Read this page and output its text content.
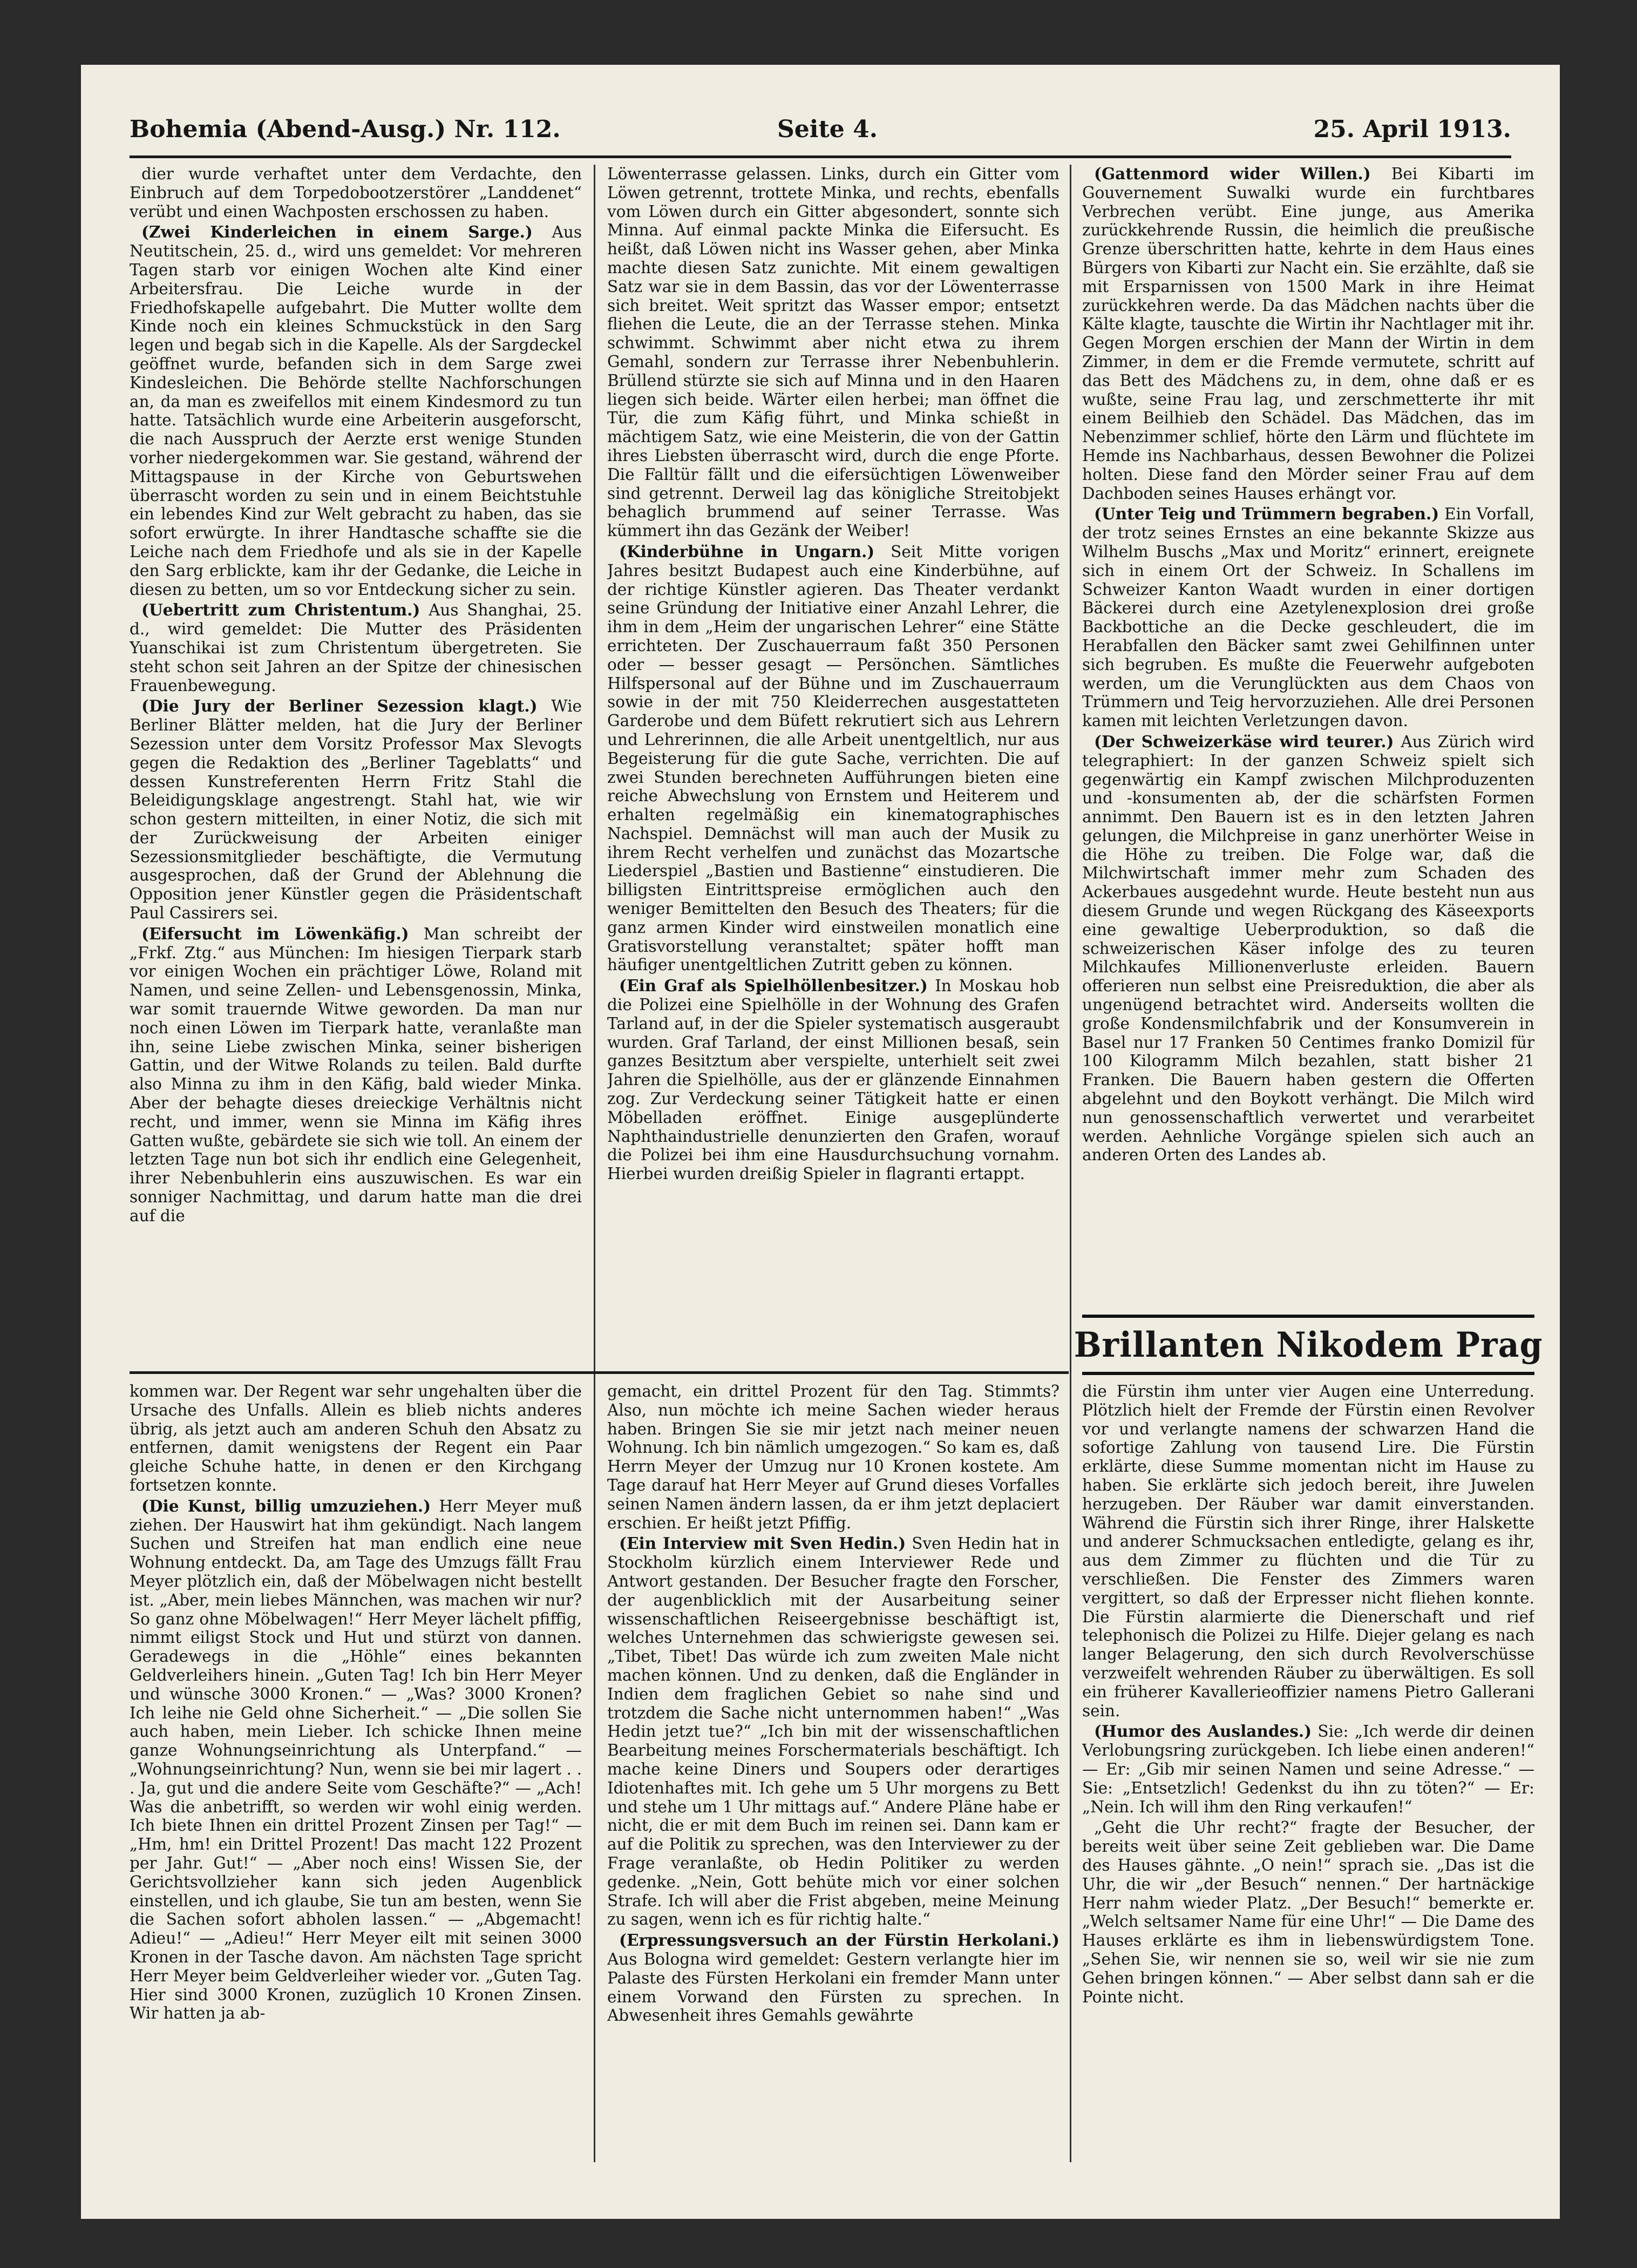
Bohemia (Abend-Ausg.) Nr. 112.	Seite 4.	25. April 1913.

dier wurde verhaftet unter dem Verdachte, den Einbruch auf dem Torpedobootzerstörer „Landdenet“ verübt und einen Wachposten erschossen zu haben.

(Zwei Kinderleichen in einem Sarge.) Aus Neutitschein, 25. d., wird uns gemeldet: Vor mehreren Tagen starb vor einigen Wochen alte Kind einer Arbeitersfrau. Die Leiche wurde in der Friedhofskapelle aufgebahrt. Die Mutter wollte dem Kinde noch ein kleines Schmuckstück in den Sarg legen und begab sich in die Kapelle. Als der Sargdeckel geöffnet wurde, befanden sich in dem Sarge zwei Kindesleichen. Die Behörde stellte Nachforschungen an, da man es zweifellos mit einem Kindesmord zu tun hatte. Tatsächlich wurde eine Arbeiterin ausgeforscht, die nach Ausspruch der Aerzte erst wenige Stunden vorher niedergekommen war. Sie gestand, während der Mittagspause in der Kirche von Geburtswehen überrascht worden zu sein und in einem Beichtstuhle ein lebendes Kind zur Welt gebracht zu haben, das sie sofort erwürgte. In ihrer Handtasche schaffte sie die Leiche nach dem Friedhofe und als sie in der Kapelle den Sarg erblickte, kam ihr der Gedanke, die Leiche in diesen zu betten, um so vor Entdeckung sicher zu sein.

(Uebertritt zum Christentum.) Aus Shanghai, 25. d., wird gemeldet: Die Mutter des Präsidenten Yuanschikai ist zum Christentum übergetreten. Sie steht schon seit Jahren an der Spitze der chinesischen Frauenbewegung.

(Die Jury der Berliner Sezession klagt.) Wie Berliner Blätter melden, hat die Jury der Berliner Sezession unter dem Vorsitz Professor Max Slevogts gegen die Redaktion des „Berliner Tageblatts“ und dessen Kunstreferenten Herrn Fritz Stahl die Beleidigungsklage angestrengt. Stahl hat, wie wir schon gestern mitteilten, in einer Notiz, die sich mit der Zurückweisung der Arbeiten einiger Sezessionsmitglieder beschäftigte, die Vermutung ausgesprochen, daß der Grund der Ablehnung die Opposition jener Künstler gegen die Präsidentschaft Paul Cassirers sei.

(Eifersucht im Löwenkäfig.) Man schreibt der „Frkf. Ztg.“ aus München: Im hiesigen Tierpark starb vor einigen Wochen ein prächtiger Löwe, Roland mit Namen, und seine Zellen- und Lebensgenossin, Minka, war somit trauernde Witwe geworden. Da man nur noch einen Löwen im Tierpark hatte, veranlaßte man ihn, seine Liebe zwischen Minka, seiner bisherigen Gattin, und der Witwe Rolands zu teilen. Bald durfte also Minna zu ihm in den Käfig, bald wieder Minka. Aber der behagte dieses dreieckige Verhältnis nicht recht, und immer, wenn sie Minna im Käfig ihres Gatten wußte, gebärdete sie sich wie toll. An einem der letzten Tage nun bot sich ihr endlich eine Gelegenheit, ihrer Nebenbuhlerin eins auszuwischen. Es war ein sonniger Nachmittag, und darum hatte man die drei auf die

Löwenterrasse gelassen. Links, durch ein Gitter vom Löwen getrennt, trottete Minka, und rechts, ebenfalls vom Löwen durch ein Gitter abgesondert, sonnte sich Minna. Auf einmal packte Minka die Eifersucht. Es heißt, daß Löwen nicht ins Wasser gehen, aber Minka machte diesen Satz zunichte. Mit einem gewaltigen Satz war sie in dem Bassin, das vor der Löwenterrasse sich breitet. Weit spritzt das Wasser empor; entsetzt fliehen die Leute, die an der Terrasse stehen. Minka schwimmt. Schwimmt aber nicht etwa zu ihrem Gemahl, sondern zur Terrasse ihrer Nebenbuhlerin. Brüllend stürzte sie sich auf Minna und in den Haaren liegen sich beide. Wärter eilen herbei; man öffnet die Tür, die zum Käfig führt, und Minka schießt in mächtigem Satz, wie eine Meisterin, die von der Gattin ihres Liebsten überrascht wird, durch die enge Pforte. Die Falltür fällt und die eifersüchtigen Löwenweiber sind getrennt. Derweil lag das königliche Streitobjekt behaglich brummend auf seiner Terrasse. Was kümmert ihn das Gezänk der Weiber!

(Kinderbühne in Ungarn.) Seit Mitte vorigen Jahres besitzt Budapest auch eine Kinderbühne, auf der richtige Künstler agieren. Das Theater verdankt seine Gründung der Initiative einer Anzahl Lehrer, die ihm in dem „Heim der ungarischen Lehrer“ eine Stätte errichteten. Der Zuschauerraum faßt 350 Personen oder — besser gesagt — Persönchen. Sämtliches Hilfspersonal auf der Bühne und im Zuschauerraum sowie in der mit 750 Kleiderrechen ausgestatteten Garderobe und dem Büfett rekrutiert sich aus Lehrern und Lehrerinnen, die alle Arbeit unentgeltlich, nur aus Begeisterung für die gute Sache, verrichten. Die auf zwei Stunden berechneten Aufführungen bieten eine reiche Abwechslung von Ernstem und Heiterem und erhalten regelmäßig ein kinematographisches Nachspiel. Demnächst will man auch der Musik zu ihrem Recht verhelfen und zunächst das Mozartsche Liederspiel „Bastien und Bastienne“ einstudieren. Die billigsten Eintrittspreise ermöglichen auch den weniger Bemittelten den Besuch des Theaters; für die ganz armen Kinder wird einstweilen monatlich eine Gratisvorstellung veranstaltet; später hofft man häufiger unentgeltlichen Zutritt geben zu können.

(Ein Graf als Spielhöllenbesitzer.) In Moskau hob die Polizei eine Spielhölle in der Wohnung des Grafen Tarland auf, in der die Spieler systematisch ausgeraubt wurden. Graf Tarland, der einst Millionen besaß, sein ganzes Besitztum aber verspielte, unterhielt seit zwei Jahren die Spielhölle, aus der er glänzende Einnahmen zog. Zur Verdeckung seiner Tätigkeit hatte er einen Möbelladen eröffnet. Einige ausgeplünderte Naphthaindustrielle denunzierten den Grafen, worauf die Polizei bei ihm eine Hausdurchsuchung vornahm. Hierbei wurden dreißig Spieler in flagranti ertappt.

(Gattenmord wider Willen.) Bei Kibarti im Gouvernement Suwalki wurde ein furchtbares Verbrechen verübt. Eine junge, aus Amerika zurückkehrende Russin, die heimlich die preußische Grenze überschritten hatte, kehrte in dem Haus eines Bürgers von Kibarti zur Nacht ein. Sie erzählte, daß sie mit Ersparnissen von 1500 Mark in ihre Heimat zurückkehren werde. Da das Mädchen nachts über die Kälte klagte, tauschte die Wirtin ihr Nachtlager mit ihr. Gegen Morgen erschien der Mann der Wirtin in dem Zimmer, in dem er die Fremde vermutete, schritt auf das Bett des Mädchens zu, in dem, ohne daß er es wußte, seine Frau lag, und zerschmetterte ihr mit einem Beilhieb den Schädel. Das Mädchen, das im Nebenzimmer schlief, hörte den Lärm und flüchtete im Hemde ins Nachbarhaus, dessen Bewohner die Polizei holten. Diese fand den Mörder seiner Frau auf dem Dachboden seines Hauses erhängt vor.

(Unter Teig und Trümmern begraben.) Ein Vorfall, der trotz seines Ernstes an eine bekannte Skizze aus Wilhelm Buschs „Max und Moritz“ erinnert, ereignete sich in einem Ort der Schweiz. In Schallens im Schweizer Kanton Waadt wurden in einer dortigen Bäckerei durch eine Azetylenexplosion drei große Backbottiche an die Decke geschleudert, die im Herabfallen den Bäcker samt zwei Gehilfinnen unter sich begruben. Es mußte die Feuerwehr aufgeboten werden, um die Verunglückten aus dem Chaos von Trümmern und Teig hervorzuziehen. Alle drei Personen kamen mit leichten Verletzungen davon.

(Der Schweizerkäse wird teurer.) Aus Zürich wird telegraphiert: In der ganzen Schweiz spielt sich gegenwärtig ein Kampf zwischen Milchproduzenten und -konsumenten ab, der die schärfsten Formen annimmt. Den Bauern ist es in den letzten Jahren gelungen, die Milchpreise in ganz unerhörter Weise in die Höhe zu treiben. Die Folge war, daß die Milchwirtschaft immer mehr zum Schaden des Ackerbaues ausgedehnt wurde. Heute besteht nun aus diesem Grunde und wegen Rückgang des Käseexports eine gewaltige Ueberproduktion, so daß die schweizerischen Käser infolge des zu teuren Milchkaufes Millionenverluste erleiden. Bauern offerieren nun selbst eine Preisreduktion, die aber als ungenügend betrachtet wird. Anderseits wollten die große Kondensmilchfabrik und der Konsumverein in Basel nur 17 Franken 50 Centimes franko Domizil für 100 Kilogramm Milch bezahlen, statt bisher 21 Franken. Die Bauern haben gestern die Offerten abgelehnt und den Boykott verhängt. Die Milch wird nun genossenschaftlich verwertet und verarbeitet werden. Aehnliche Vorgänge spielen sich auch an anderen Orten des Landes ab.

Brillanten Nikodem Prag

kommen war. Der Regent war sehr ungehalten über die Ursache des Unfalls. Allein es blieb nichts anderes übrig, als jetzt auch am anderen Schuh den Absatz zu entfernen, damit wenigstens der Regent ein Paar gleiche Schuhe hatte, in denen er den Kirchgang fortsetzen konnte.

(Die Kunst, billig umzuziehen.) Herr Meyer muß ziehen. Der Hauswirt hat ihm gekündigt. Nach langem Suchen und Streifen hat man endlich eine neue Wohnung entdeckt. Da, am Tage des Umzugs fällt Frau Meyer plötzlich ein, daß der Möbelwagen nicht bestellt ist. „Aber, mein liebes Männchen, was machen wir nur? So ganz ohne Möbelwagen!“ Herr Meyer lächelt pfiffig, nimmt eiligst Stock und Hut und stürzt von dannen. Geradewegs in die „Höhle“ eines bekannten Geldverleihers hinein. „Guten Tag! Ich bin Herr Meyer und wünsche 3000 Kronen.“ — „Was? 3000 Kronen? Ich leihe nie Geld ohne Sicherheit.“ — „Die sollen Sie auch haben, mein Lieber. Ich schicke Ihnen meine ganze Wohnungseinrichtung als Unterpfand.“ — „Wohnungseinrichtung? Nun, wenn sie bei mir lagert . . . Ja, gut und die andere Seite vom Geschäfte?“ — „Ach! Was die anbetrifft, so werden wir wohl einig werden. Ich biete Ihnen ein drittel Prozent Zinsen per Tag!“ — „Hm, hm! ein Drittel Prozent! Das macht 122 Prozent per Jahr. Gut!“ — „Aber noch eins! Wissen Sie, der Gerichtsvollzieher kann sich jeden Augenblick einstellen, und ich glaube, Sie tun am besten, wenn Sie die Sachen sofort abholen lassen.“ — „Abgemacht! Adieu!“ — „Adieu!“ Herr Meyer eilt mit seinen 3000 Kronen in der Tasche davon. Am nächsten Tage spricht Herr Meyer beim Geldverleiher wieder vor. „Guten Tag. Hier sind 3000 Kronen, zuzüglich 10 Kronen Zinsen. Wir hatten ja ab-

gemacht, ein drittel Prozent für den Tag. Stimmts? Also, nun möchte ich meine Sachen wieder heraus haben. Bringen Sie sie mir jetzt nach meiner neuen Wohnung. Ich bin nämlich umgezogen.“ So kam es, daß Herrn Meyer der Umzug nur 10 Kronen kostete. Am Tage darauf hat Herr Meyer auf Grund dieses Vorfalles seinen Namen ändern lassen, da er ihm jetzt deplaciert erschien. Er heißt jetzt Pfiffig.

(Ein Interview mit Sven Hedin.) Sven Hedin hat in Stockholm kürzlich einem Interviewer Rede und Antwort gestanden. Der Besucher fragte den Forscher, der augenblicklich mit der Ausarbeitung seiner wissenschaftlichen Reiseergebnisse beschäftigt ist, welches Unternehmen das schwierigste gewesen sei. „Tibet, Tibet! Das würde ich zum zweiten Male nicht machen können. Und zu denken, daß die Engländer in Indien dem fraglichen Gebiet so nahe sind und trotzdem die Sache nicht unternommen haben!“ „Was Hedin jetzt tue?“ „Ich bin mit der wissenschaftlichen Bearbeitung meines Forschermaterials beschäftigt. Ich mache keine Diners und Soupers oder derartiges Idiotenhaftes mit. Ich gehe um 5 Uhr morgens zu Bett und stehe um 1 Uhr mittags auf.“ Andere Pläne habe er nicht, die er mit dem Buch im reinen sei. Dann kam er auf die Politik zu sprechen, was den Interviewer zu der Frage veranlaßte, ob Hedin Politiker zu werden gedenke. „Nein, Gott behüte mich vor einer solchen Strafe. Ich will aber die Frist abgeben, meine Meinung zu sagen, wenn ich es für richtig halte.“

(Erpressungsversuch an der Fürstin Herkolani.) Aus Bologna wird gemeldet: Gestern verlangte hier im Palaste des Fürsten Herkolani ein fremder Mann unter einem Vorwand den Fürsten zu sprechen. In Abwesenheit ihres Gemahls gewährte

die Fürstin ihm unter vier Augen eine Unterredung. Plötzlich hielt der Fremde der Fürstin einen Revolver vor und verlangte namens der schwarzen Hand die sofortige Zahlung von tausend Lire. Die Fürstin erklärte, diese Summe momentan nicht im Hause zu haben. Sie erklärte sich jedoch bereit, ihre Juwelen herzugeben. Der Räuber war damit einverstanden. Während die Fürstin sich ihrer Ringe, ihrer Halskette und anderer Schmucksachen entledigte, gelang es ihr, aus dem Zimmer zu flüchten und die Tür zu verschließen. Die Fenster des Zimmers waren vergittert, so daß der Erpresser nicht fliehen konnte. Die Fürstin alarmierte die Dienerschaft und rief telephonisch die Polizei zu Hilfe. Diejer gelang es nach langer Belagerung, den sich durch Revolverschüsse verzweifelt wehrenden Räuber zu überwältigen. Es soll ein früherer Kavallerieoffizier namens Pietro Gallerani sein.

(Humor des Auslandes.) Sie: „Ich werde dir deinen Verlobungsring zurückgeben. Ich liebe einen anderen!“ — Er: „Gib mir seinen Namen und seine Adresse.“ — Sie: „Entsetzlich! Gedenkst du ihn zu töten?“ — Er: „Nein. Ich will ihm den Ring verkaufen!“

„Geht die Uhr recht?“ fragte der Besucher, der bereits weit über seine Zeit geblieben war. Die Dame des Hauses gähnte. „O nein!“ sprach sie. „Das ist die Uhr, die wir „der Besuch“ nennen.“ Der hartnäckige Herr nahm wieder Platz. „Der Besuch!“ bemerkte er. „Welch seltsamer Name für eine Uhr!“ — Die Dame des Hauses erklärte es ihm in liebenswürdigstem Tone. „Sehen Sie, wir nennen sie so, weil wir sie nie zum Gehen bringen können.“ — Aber selbst dann sah er die Pointe nicht.
